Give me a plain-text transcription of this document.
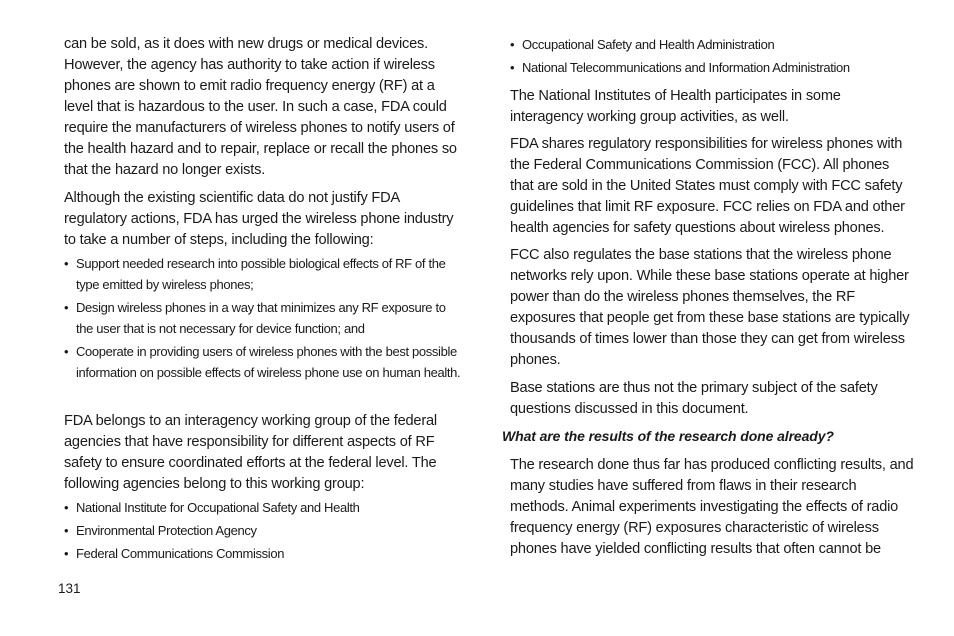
can be sold, as it does with new drugs or medical devices. However, the agency has authority to take action if wireless phones are shown to emit radio frequency energy (RF) at a level that is hazardous to the user. In such a case, FDA could require the manufacturers of wireless phones to notify users of the health hazard and to repair, replace or recall the phones so that the hazard no longer exists.

Although the existing scientific data do not justify FDA regulatory actions, FDA has urged the wireless phone industry to take a number of steps, including the following:

• Support needed research into possible biological effects of RF of the type emitted by wireless phones;
• Design wireless phones in a way that minimizes any RF exposure to the user that is not necessary for device function; and
• Cooperate in providing users of wireless phones with the best possible information on possible effects of wireless phone use on human health.

FDA belongs to an interagency working group of the federal agencies that have responsibility for different aspects of RF safety to ensure coordinated efforts at the federal level. The following agencies belong to this working group:

• National Institute for Occupational Safety and Health
• Environmental Protection Agency
• Federal Communications Commission
• Occupational Safety and Health Administration
• National Telecommunications and Information Administration

The National Institutes of Health participates in some interagency working group activities, as well.

FDA shares regulatory responsibilities for wireless phones with the Federal Communications Commission (FCC). All phones that are sold in the United States must comply with FCC safety guidelines that limit RF exposure. FCC relies on FDA and other health agencies for safety questions about wireless phones.

FCC also regulates the base stations that the wireless phone networks rely upon. While these base stations operate at higher power than do the wireless phones themselves, the RF exposures that people get from these base stations are typically thousands of times lower than those they can get from wireless phones.

Base stations are thus not the primary subject of the safety questions discussed in this document.

What are the results of the research done already?

The research done thus far has produced conflicting results, and many studies have suffered from flaws in their research methods. Animal experiments investigating the effects of radio frequency energy (RF) exposures characteristic of wireless phones have yielded conflicting results that often cannot be

131
